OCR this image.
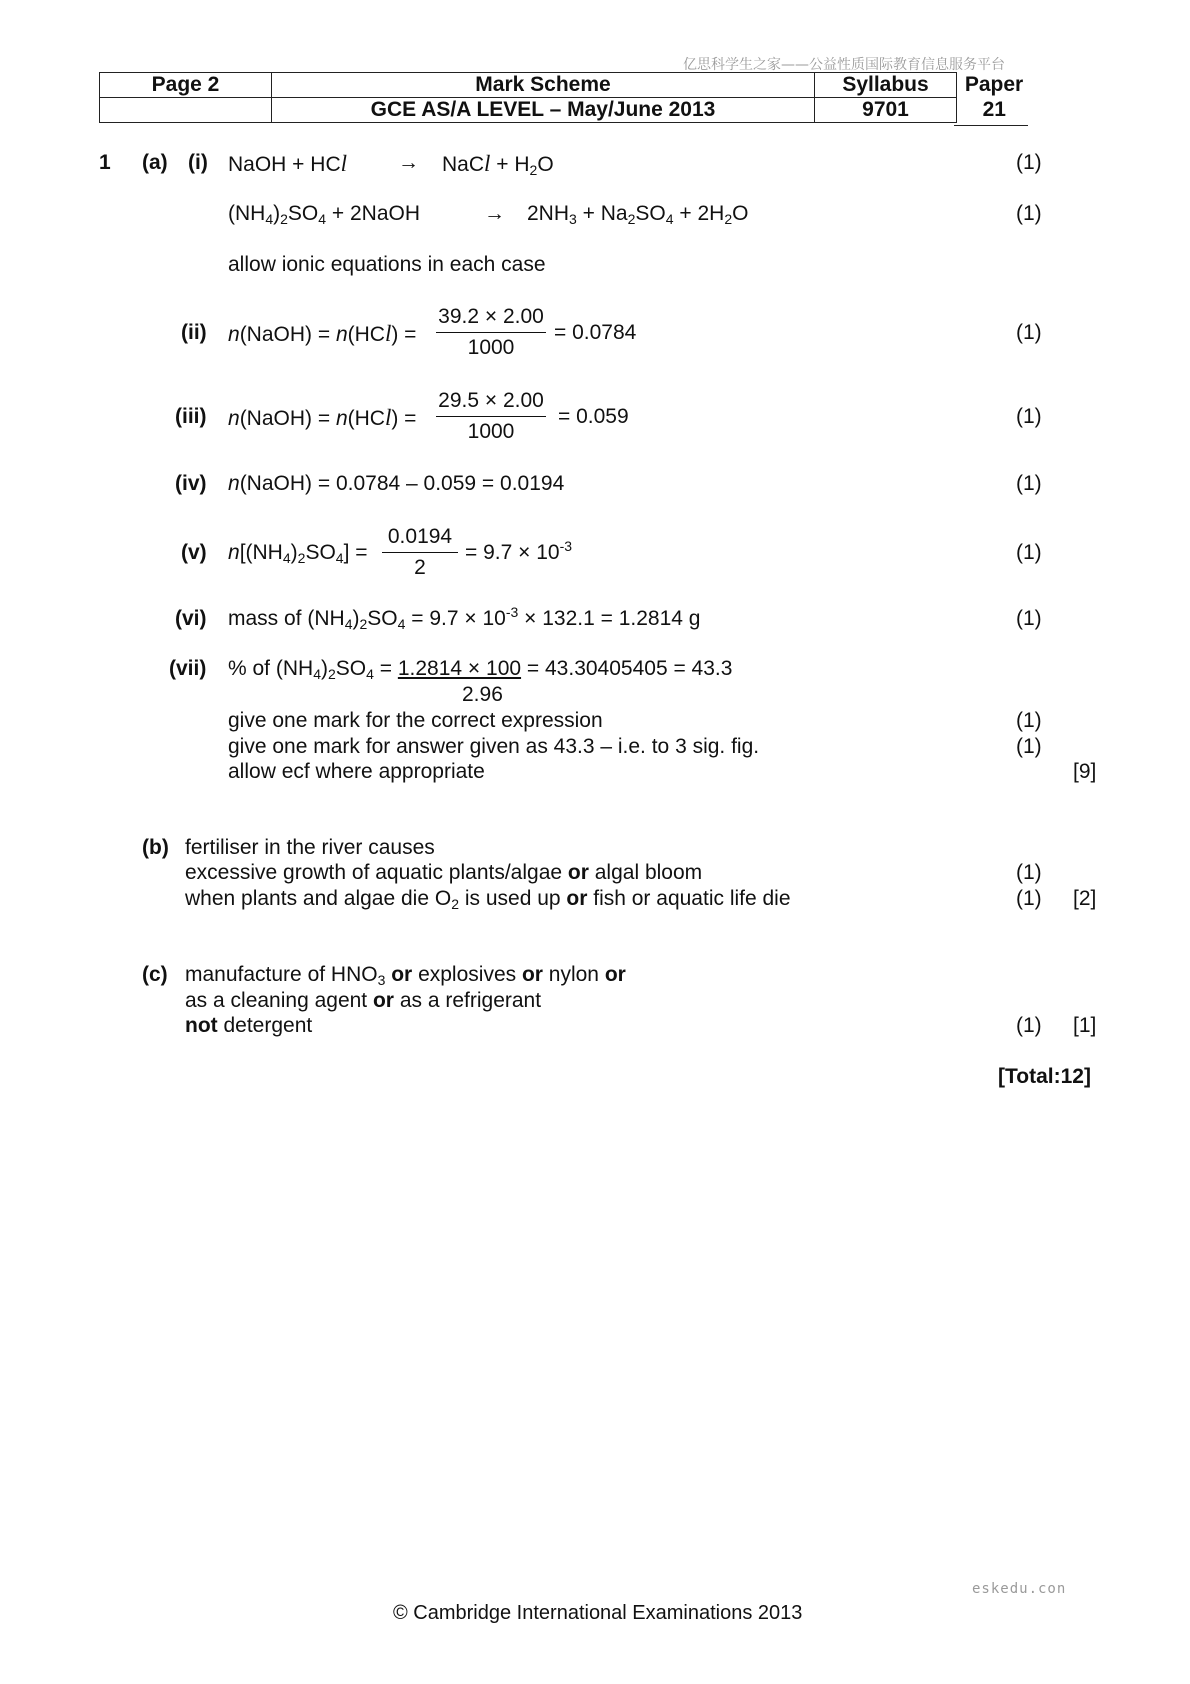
亿思科学生之家——公益性质国际教育信息服务平台
Page 2	Mark Scheme	Syllabus	Paper
	GCE AS/A LEVEL – May/June 2013	9701	21
1 (a) (i) NaOH + HCl → NaCl + $H_2O$	(1)
$(NH_4)_2SO_4$ + 2NaOH	→ $2NH_3 + Na_2SO_4 + 2H_2O$	(1)
allow ionic equations in each case
(ii) n(NaOH) = $n(HCl) = \frac{39.2 \times 2.00}{1000} = 0.0784$	(1)
(iii) n(NaOH) = $n(HCl) = \frac{29.5 \times 2.00}{1000} = 0.059$	(1)
(iv) n(NaOH) = 0.0784 – 0.059 = 0.0194	(1)
(v) $n[(NH_4)_2SO_4] = \frac{0.0194}{2} = 9.7 \times 10^{-3}$	(1)
(vi) mass of $(NH_4)_2SO_4 = 9.7 \times 10^{-3} \times 132.1 = 1.2814$ g	(1)
(vii) % of $(NH_4)_2SO_4 = 1.2814 \times 100 = 43.30405405 = 43.3$
2.96
give one mark for the correct expression	(1)
give one mark for answer given as 43.3 – i.e. to 3 sig. fig.	(1)
allow ecf where appropriate	[9]
(b) fertiliser in the river causes
excessive growth of aquatic plants/algae or algal bloom	(1)
when plants and algae die $O_2$ is used up or fish or aquatic life die	(1) [2]
(c) manufacture of $HNO_3$ or explosives or nylon or
as a cleaning agent or as a refrigerant
not detergent	(1) [1]
[Total:12]
eskedu.con
© Cambridge International Examinations 2013
